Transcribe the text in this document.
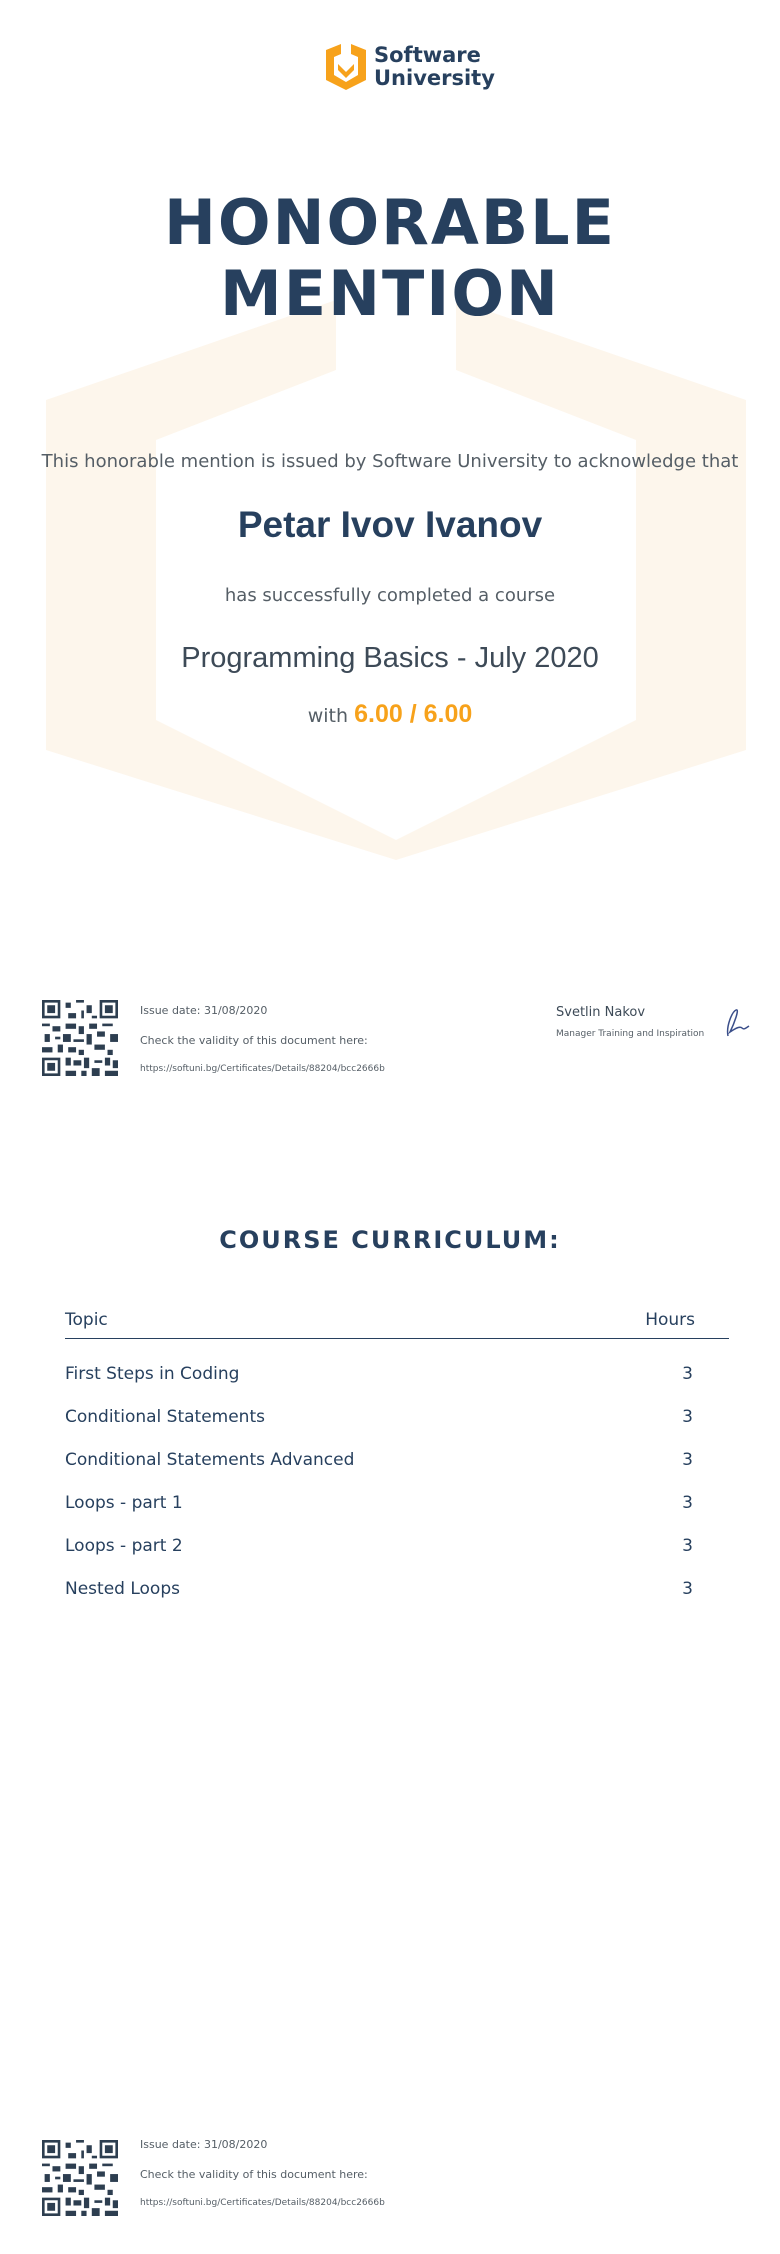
Software
University
HONORABLE
MENTION
This honorable mention is issued by Software University to acknowledge that
Petar Ivov Ivanov
has successfully completed a course
Programming Basics - July 2020
with 6.00 / 6.00
Issue date: 31/08/2020
Check the validity of this document here:
https://softuni.bg/Certificates/Details/88204/bcc2666b
Svetlin Nakov
Manager Training and Inspiration
COURSE CURRICULUM:
Topic	Hours
First Steps in Coding	3
Conditional Statements	3
Conditional Statements Advanced	3
Loops - part 1	3
Loops - part 2	3
Nested Loops	3
Issue date: 31/08/2020
Check the validity of this document here:
https://softuni.bg/Certificates/Details/88204/bcc2666b
